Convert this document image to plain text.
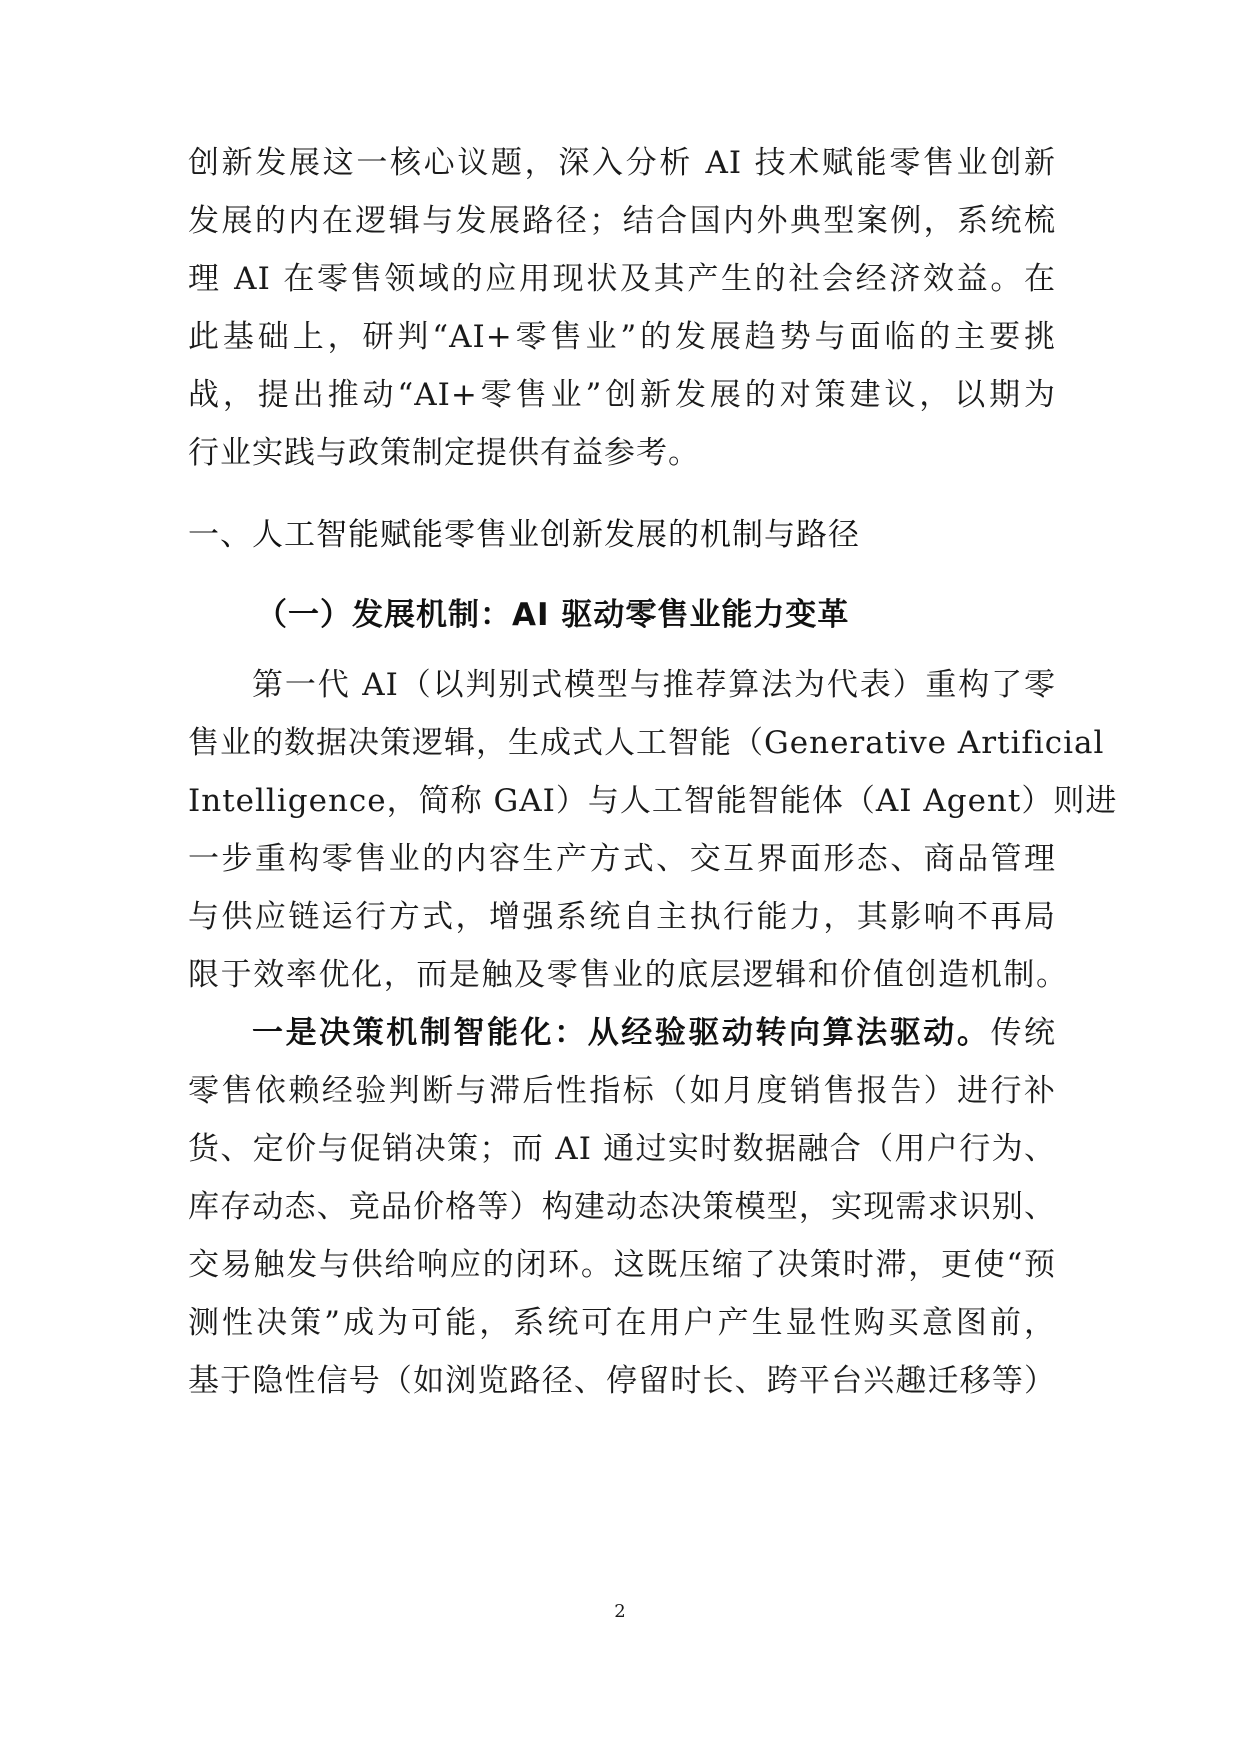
创新发展这一核心议题，深入分析 AI 技术赋能零售业创新
发展的内在逻辑与发展路径；结合国内外典型案例，系统梳
理 AI 在零售领域的应用现状及其产生的社会经济效益。在
此基础上，研判“AI+零售业”的发展趋势与面临的主要挑
战，提出推动“AI+零售业”创新发展的对策建议，以期为
行业实践与政策制定提供有益参考。
一、人工智能赋能零售业创新发展的机制与路径
（一）发展机制：AI 驱动零售业能力变革
第一代 AI（以判别式模型与推荐算法为代表）重构了零
售业的数据决策逻辑，生成式人工智能（Generative Artificial
Intelligence，简称 GAI）与人工智能智能体（AI Agent）则进
一步重构零售业的内容生产方式、交互界面形态、商品管理
与供应链运行方式，增强系统自主执行能力，其影响不再局
限于效率优化，而是触及零售业的底层逻辑和价值创造机制。
一是决策机制智能化：从经验驱动转向算法驱动。传统
零售依赖经验判断与滞后性指标（如月度销售报告）进行补
货、定价与促销决策；而 AI 通过实时数据融合（用户行为、
库存动态、竞品价格等）构建动态决策模型，实现需求识别、
交易触发与供给响应的闭环。这既压缩了决策时滞，更使“预
测性决策”成为可能，系统可在用户产生显性购买意图前，
基于隐性信号（如浏览路径、停留时长、跨平台兴趣迁移等）
2
